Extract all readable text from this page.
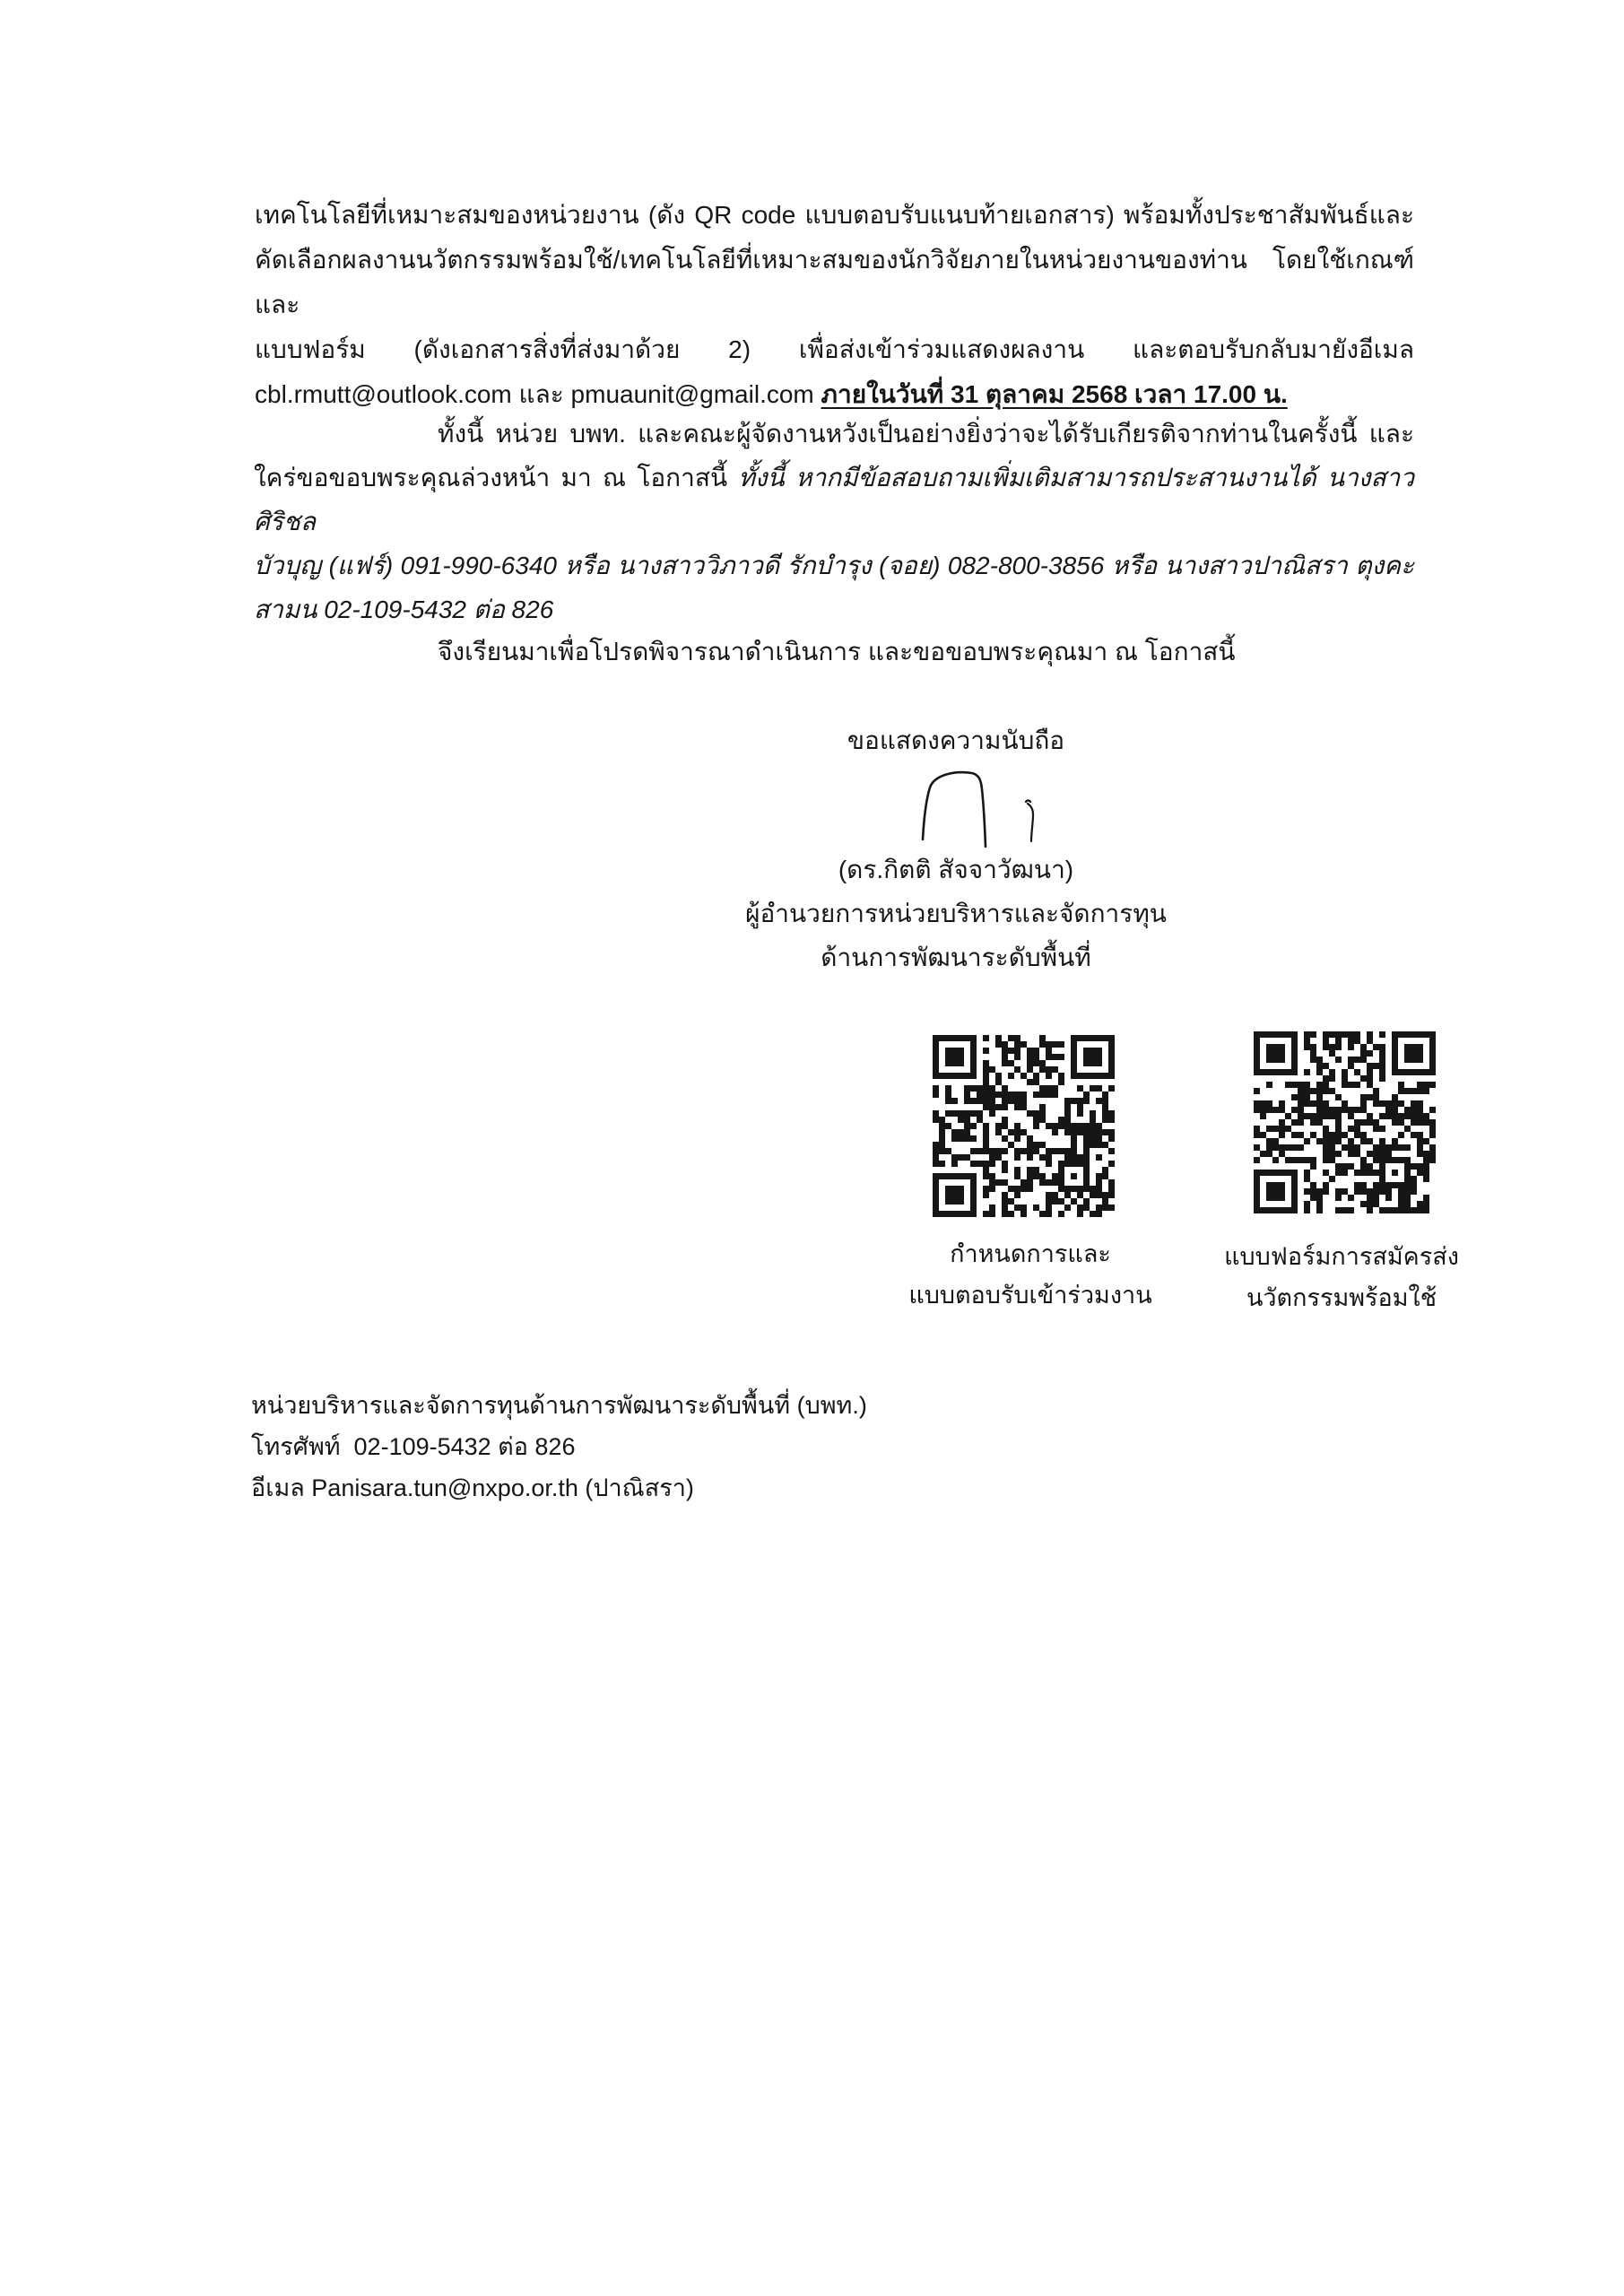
เทคโนโลยีที่เหมาะสมของหน่วยงาน (ดัง QR code แบบตอบรับแนบท้ายเอกสาร) พร้อมทั้งประชาสัมพันธ์และ
คัดเลือกผลงานนวัตกรรมพร้อมใช้/เทคโนโลยีที่เหมาะสมของนักวิจัยภายในหน่วยงานของท่าน โดยใช้เกณฑ์และ
แบบฟอร์ม (ดังเอกสารสิ่งที่ส่งมาด้วย 2) เพื่อส่งเข้าร่วมแสดงผลงาน และตอบรับกลับมายังอีเมล
cbl.rmutt@outlook.com และ pmuaunit@gmail.com ภายในวันที่ 31 ตุลาคม 2568 เวลา 17.00 น.
ทั้งนี้ หน่วย บพท. และคณะผู้จัดงานหวังเป็นอย่างยิ่งว่าจะได้รับเกียรติจากท่านในครั้งนี้ และ
ใคร่ขอขอบพระคุณล่วงหน้า มา ณ โอกาสนี้ ทั้งนี้ หากมีข้อสอบถามเพิ่มเติมสามารถประสานงานได้ นางสาวศิริชล
บัวบุญ (แฟร์) 091-990-6340 หรือ นางสาววิภาวดี รักบำรุง (จอย) 082-800-3856 หรือ นางสาวปาณิสรา ตุงคะ
สามน 02-109-5432 ต่อ 826
จึงเรียนมาเพื่อโปรดพิจารณาดำเนินการ และขอขอบพระคุณมา ณ โอกาสนี้
ขอแสดงความนับถือ
(ดร.กิตติ สัจจาวัฒนา)
ผู้อำนวยการหน่วยบริหารและจัดการทุน
ด้านการพัฒนาระดับพื้นที่
กำหนดการและ
แบบตอบรับเข้าร่วมงาน
แบบฟอร์มการสมัครส่ง
นวัตกรรมพร้อมใช้
หน่วยบริหารและจัดการทุนด้านการพัฒนาระดับพื้นที่ (บพท.)
โทรศัพท์  02-109-5432 ต่อ 826
อีเมล Panisara.tun@nxpo.or.th (ปาณิสรา)
